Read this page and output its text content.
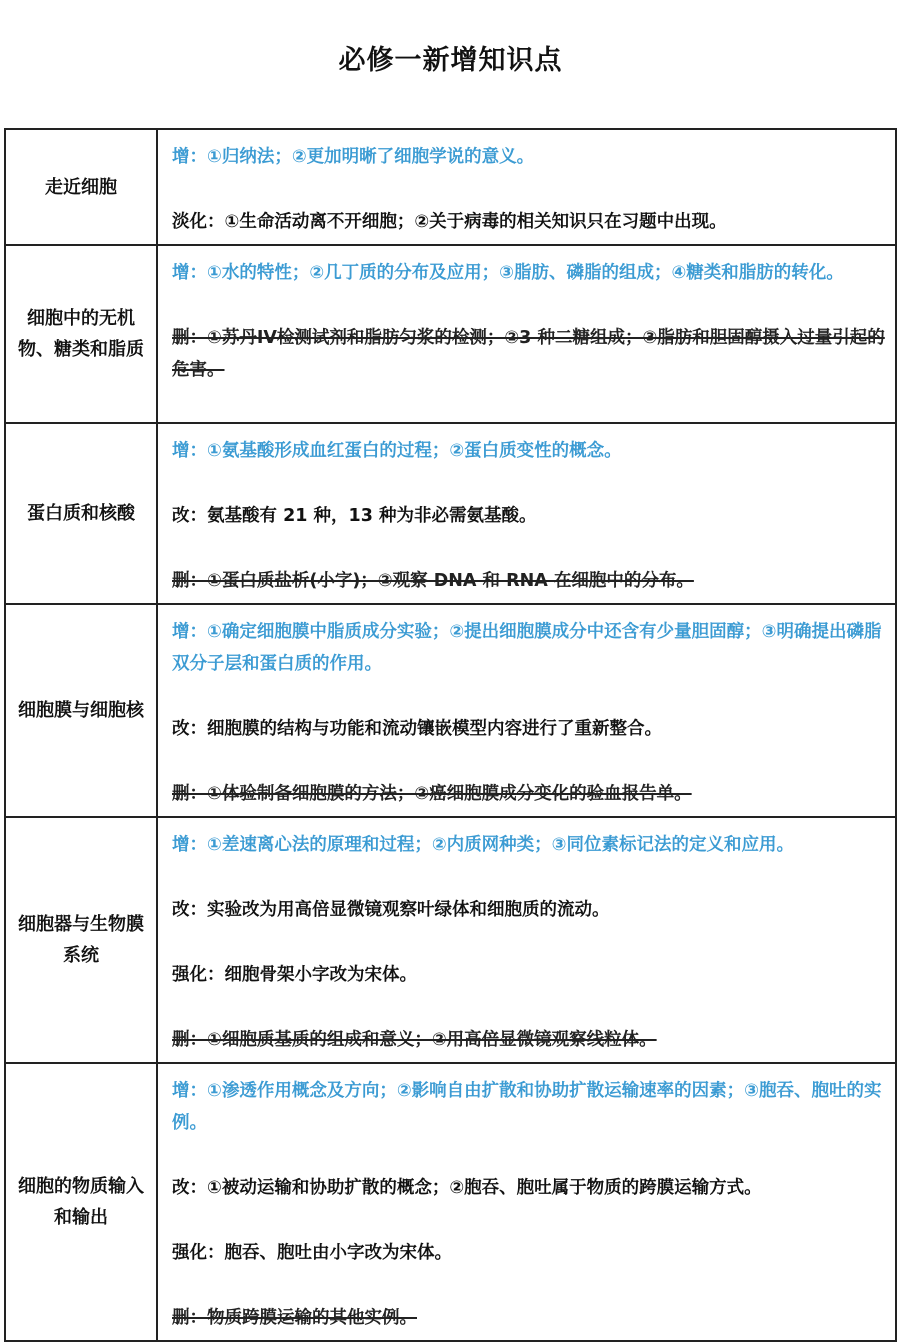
必修一新增知识点
走近细胞	增：①归纳法；②更加明晰了细胞学说的意义。
淡化：①生命活动离不开细胞；②关于病毒的相关知识只在习题中出现。

细胞中的无机物、糖类和脂质	增：①水的特性；②几丁质的分布及应用；③脂肪、磷脂的组成；④糖类和脂肪的转化。
删：①苏丹IV检测试剂和脂肪匀浆的检测；②3 种二糖组成；③脂肪和胆固醇摄入过量引起的危害。

蛋白质和核酸	增：①氨基酸形成血红蛋白的过程；②蛋白质变性的概念。
改：氨基酸有 21 种，13 种为非必需氨基酸。
删：①蛋白质盐析(小字)；②观察 DNA 和 RNA 在细胞中的分布。

细胞膜与细胞核	增：①确定细胞膜中脂质成分实验；②提出细胞膜成分中还含有少量胆固醇；③明确提出磷脂双分子层和蛋白质的作用。
改：细胞膜的结构与功能和流动镶嵌模型内容进行了重新整合。
删：①体验制备细胞膜的方法；②癌细胞膜成分变化的验血报告单。

细胞器与生物膜系统	增：①差速离心法的原理和过程；②内质网种类；③同位素标记法的定义和应用。
改：实验改为用高倍显微镜观察叶绿体和细胞质的流动。
强化：细胞骨架小字改为宋体。
删：①细胞质基质的组成和意义；②用高倍显微镜观察线粒体。

细胞的物质输入和输出	增：①渗透作用概念及方向；②影响自由扩散和协助扩散运输速率的因素；③胞吞、胞吐的实例。
改：①被动运输和协助扩散的概念；②胞吞、胞吐属于物质的跨膜运输方式。
强化：胞吞、胞吐由小字改为宋体。
删：物质跨膜运输的其他实例。
